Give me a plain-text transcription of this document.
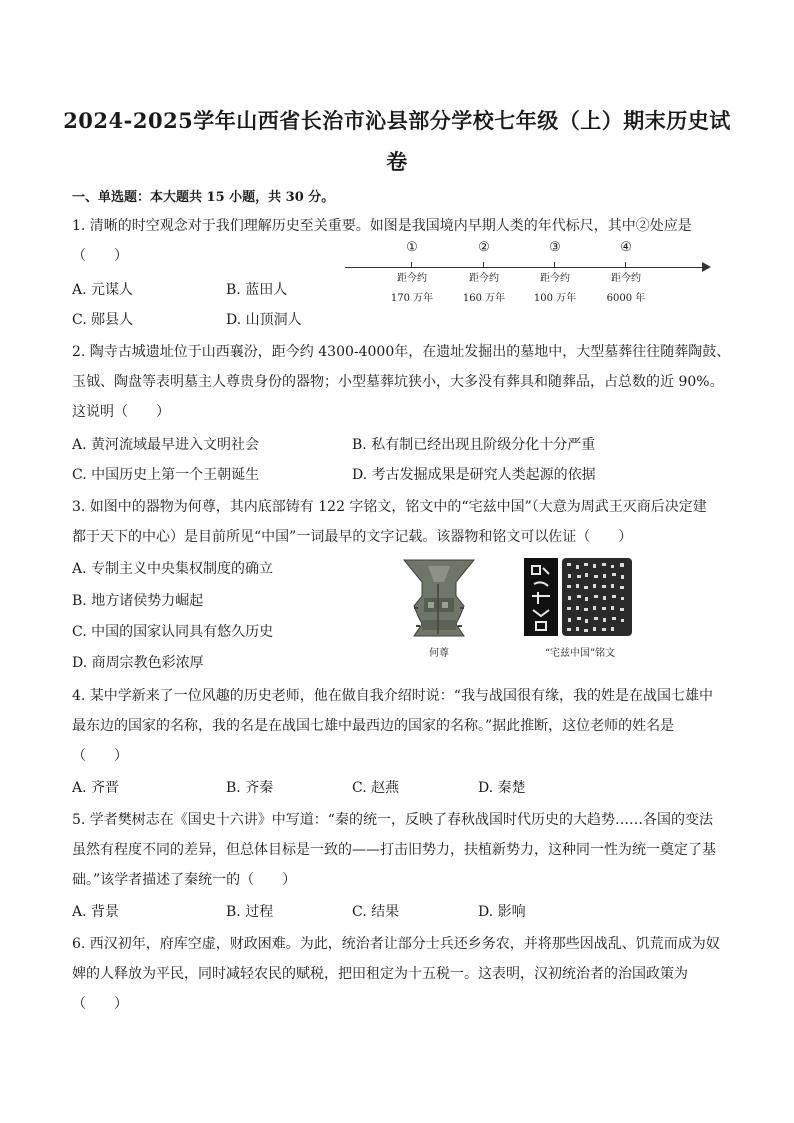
2024-2025学年山西省长治市沁县部分学校七年级（上）期末历史试
卷
一、单选题：本大题共 15 小题，共 30 分。
1. 清晰的时空观念对于我们理解历史至关重要。如图是我国境内早期人类的年代标尺，其中②处应是
（　　）
①
距今约
170 万年
②
距今约
160 万年
③
距今约
100 万年
④
距今约
6000 年
A. 元谋人	B. 蓝田人
C. 郧县人	D. 山顶洞人
2. 陶寺古城遗址位于山西襄汾，距今约 4300-4000年，在遗址发掘出的墓地中，大型墓葬往往随葬陶鼓、
玉钺、陶盘等表明墓主人尊贵身份的器物；小型墓葬坑狭小，大多没有葬具和随葬品，占总数的近 90%。
这说明（　　）
A. 黄河流域最早进入文明社会	B. 私有制已经出现且阶级分化十分严重
C. 中国历史上第一个王朝诞生	D. 考古发掘成果是研究人类起源的依据
3. 如图中的器物为何尊，其内底部铸有 122 字铭文，铭文中的“宅兹中国”（大意为周武王灭商后决定建
都于天下的中心）是目前所见“中国”一词最早的文字记载。该器物和铭文可以佐证（　　）
A. 专制主义中央集权制度的确立
B. 地方诸侯势力崛起
C. 中国的国家认同具有悠久历史
D. 商周宗教色彩浓厚
何尊	“宅兹中国”铭文
4. 某中学新来了一位风趣的历史老师，他在做自我介绍时说：“我与战国很有缘，我的姓是在战国七雄中
最东边的国家的名称，我的名是在战国七雄中最西边的国家的名称。”据此推断，这位老师的姓名是
（　　）
A. 齐晋	B. 齐秦	C. 赵燕	D. 秦楚
5. 学者樊树志在《国史十六讲》中写道：“秦的统一，反映了春秋战国时代历史的大趋势……各国的变法
虽然有程度不同的差异，但总体目标是一致的——打击旧势力，扶植新势力，这种同一性为统一奠定了基
础。”该学者描述了秦统一的（　　）
A. 背景	B. 过程	C. 结果	D. 影响
6. 西汉初年，府库空虚，财政困难。为此，统治者让部分士兵还乡务农，并将那些因战乱、饥荒而成为奴
婢的人释放为平民，同时减轻农民的赋税，把田租定为十五税一。这表明，汉初统治者的治国政策为
（　　）
